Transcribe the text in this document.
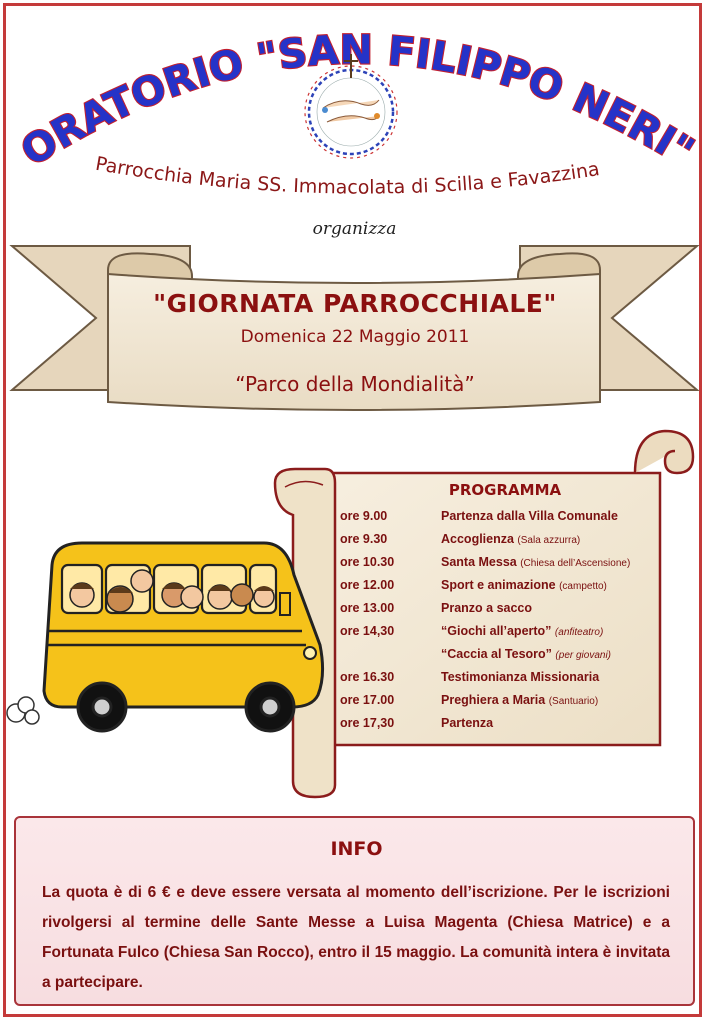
ORATORIO "SAN FILIPPO NERI"
Parrocchia Maria SS. Immacolata di Scilla e Favazzina
organizza
"GIORNATA PARROCCHIALE"
Domenica 22 Maggio 2011
“Parco della Mondialità”
PROGRAMMA
ore 9.00	Partenza dalla Villa Comunale
ore 9.30	Accoglienza (Sala azzurra)
ore 10.30	Santa Messa (Chiesa dell’Ascensione)
ore 12.00	Sport e animazione (campetto)
ore 13.00	Pranzo a sacco
ore 14,30	“Giochi all’aperto” (anfiteatro)
“Caccia al Tesoro” (per giovani)
ore 16.30	Testimonianza Missionaria
ore 17.00	Preghiera a Maria (Santuario)
ore 17,30	Partenza
INFO
La quota è di 6 € e deve essere versata al momento dell’iscrizione. Per le iscrizioni rivolgersi al termine delle Sante Messe a Luisa Magenta (Chiesa Matrice) e a Fortunata Fulco (Chiesa San Rocco), entro il 15 maggio. La comunità intera è invitata a partecipare.
